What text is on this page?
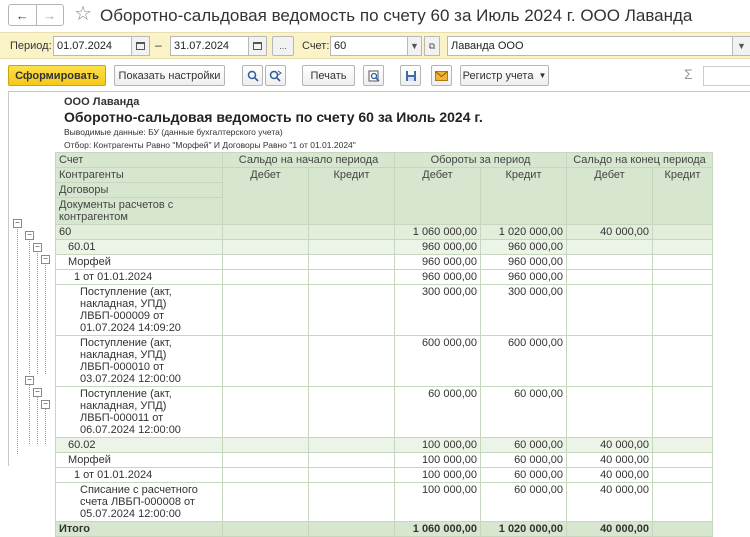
←	→ ☆ Оборотно-сальдовая ведомость по счету 60 за Июль 2024 г. ООО Лаванда
Период: 01.07.2024	–	31.07.2024	...	Счет: 60	▼ ⧉	Лаванда ООО	▼
Сформировать	Показать настройки	Печать	Регистр учета ▼	Σ
−
−
−
−
−
−
−
ООО Лаванда
Оборотно-сальдовая ведомость по счету 60 за Июль 2024 г.
Выводимые данные: БУ (данные бухгалтерского учета)
Отбор: Контрагенты Равно "Морфей" И Договоры Равно "1 от 01.01.2024"
Счет	Сальдо на начало периода		Обороты за период		Сальдо на конец периода	
Контрагенты	Дебет	Кредит	Дебет	Кредит	Дебет	Кредит
Договоры						
Документы расчетов с контрагентом						
60			1 060 000,00	1 020 000,00	40 000,00	
60.01			960 000,00	960 000,00		
Морфей			960 000,00	960 000,00		
1 от 01.01.2024			960 000,00	960 000,00		
Поступление (акт, накладная, УПД) ЛВБП-000009 от 01.07.2024 14:09:20			300 000,00	300 000,00		
Поступление (акт, накладная, УПД) ЛВБП-000010 от 03.07.2024 12:00:00			600 000,00	600 000,00		
Поступление (акт, накладная, УПД) ЛВБП-000011 от 06.07.2024 12:00:00			60 000,00	60 000,00		
60.02			100 000,00	60 000,00	40 000,00	
Морфей			100 000,00	60 000,00	40 000,00	
1 от 01.01.2024			100 000,00	60 000,00	40 000,00	
Списание с расчетного счета ЛВБП-000008 от 05.07.2024 12:00:00			100 000,00	60 000,00	40 000,00	
Итого			1 060 000,00	1 020 000,00	40 000,00	
